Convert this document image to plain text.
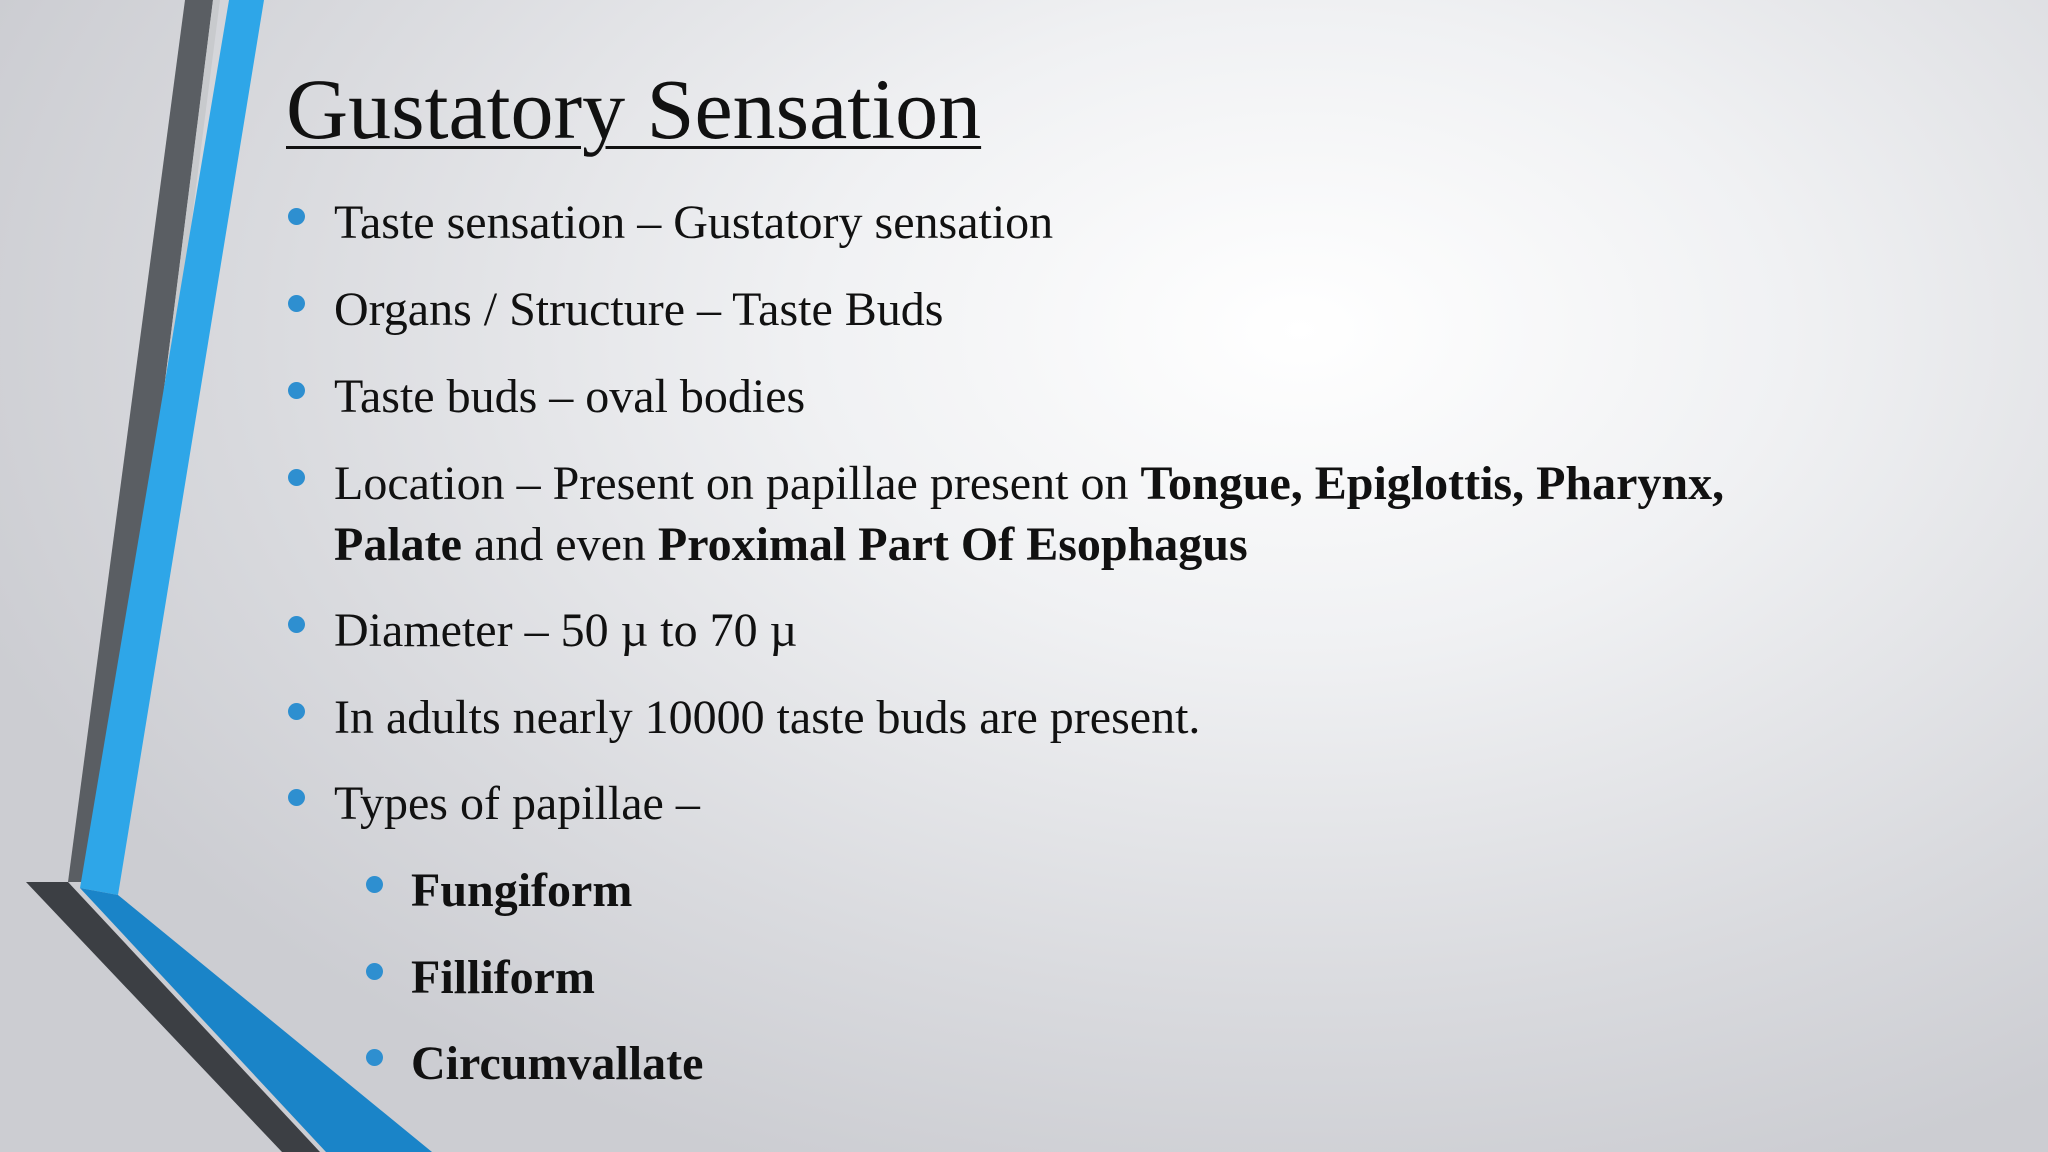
Gustatory Sensation
Taste sensation – Gustatory sensation
Organs / Structure – Taste Buds
Taste buds – oval bodies
Location – Present on papillae present on Tongue, Epiglottis, Pharynx,
Palate and even Proximal Part Of Esophagus
Diameter – 50 µ to 70 µ
In adults nearly 10000 taste buds are present.
Types of papillae –
Fungiform
Filliform
Circumvallate
